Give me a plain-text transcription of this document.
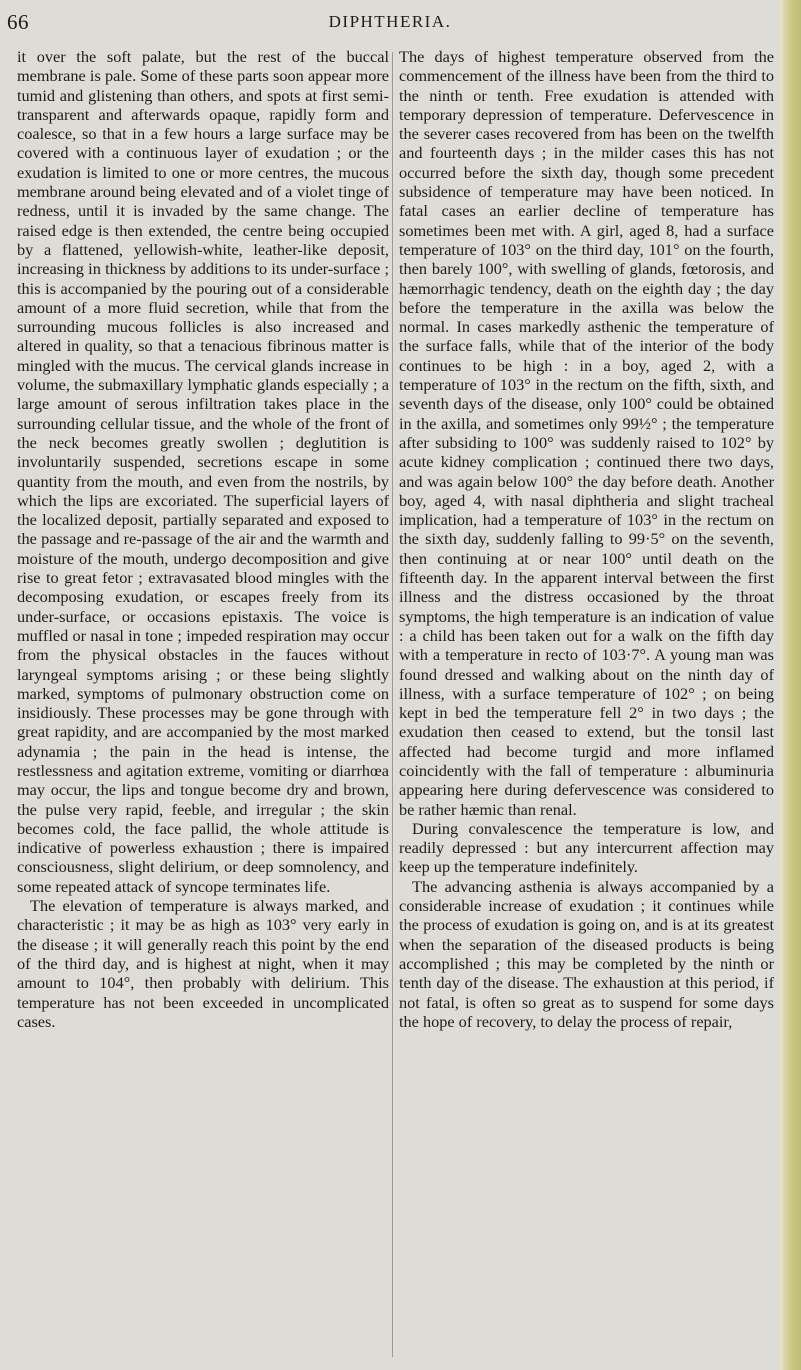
66	DIPHTHERIA.

it over the soft palate, but the rest of the buccal membrane is pale. Some of these parts soon appear more tumid and glistening than others, and spots at first semi-transparent and afterwards opaque, rapidly form and coalesce, so that in a few hours a large surface may be covered with a continuous layer of exudation ; or the exudation is limited to one or more centres, the mucous membrane around being elevated and of a violet tinge of redness, until it is invaded by the same change. The raised edge is then extended, the centre being occupied by a flattened, yellowish-white, leather-like deposit, increasing in thickness by additions to its under-surface ; this is accompanied by the pouring out of a considerable amount of a more fluid secretion, while that from the surrounding mucous follicles is also increased and altered in quality, so that a tenacious fibrinous matter is mingled with the mucus. The cervical glands increase in volume, the submaxillary lymphatic glands especially ; a large amount of serous infiltration takes place in the surrounding cellular tissue, and the whole of the front of the neck becomes greatly swollen ; deglutition is involuntarily suspended, secretions escape in some quantity from the mouth, and even from the nostrils, by which the lips are excoriated. The superficial layers of the localized deposit, partially separated and exposed to the passage and re-passage of the air and the warmth and moisture of the mouth, undergo decomposition and give rise to great fetor ; extravasated blood mingles with the decomposing exudation, or escapes freely from its under-surface, or occasions epistaxis. The voice is muffled or nasal in tone ; impeded respiration may occur from the physical obstacles in the fauces without laryngeal symptoms arising ; or these being slightly marked, symptoms of pulmonary obstruction come on insidiously. These processes may be gone through with great rapidity, and are accompanied by the most marked adynamia ; the pain in the head is intense, the restlessness and agitation extreme, vomiting or diarrhœa may occur, the lips and tongue become dry and brown, the pulse very rapid, feeble, and irregular ; the skin becomes cold, the face pallid, the whole attitude is indicative of powerless exhaustion ; there is impaired consciousness, slight delirium, or deep somnolency, and some repeated attack of syncope terminates life.

The elevation of temperature is always marked, and characteristic ; it may be as high as 103° very early in the disease ; it will generally reach this point by the end of the third day, and is highest at night, when it may amount to 104°, then probably with delirium. This temperature has not been exceeded in uncomplicated cases.

The days of highest temperature observed from the commencement of the illness have been from the third to the ninth or tenth. Free exudation is attended with temporary depression of temperature. Defervescence in the severer cases recovered from has been on the twelfth and fourteenth days ; in the milder cases this has not occurred before the sixth day, though some precedent subsidence of temperature may have been noticed. In fatal cases an earlier decline of temperature has sometimes been met with. A girl, aged 8, had a surface temperature of 103° on the third day, 101° on the fourth, then barely 100°, with swelling of glands, fœtorosis, and hæmorrhagic tendency, death on the eighth day ; the day before the temperature in the axilla was below the normal. In cases markedly asthenic the temperature of the surface falls, while that of the interior of the body continues to be high : in a boy, aged 2, with a temperature of 103° in the rectum on the fifth, sixth, and seventh days of the disease, only 100° could be obtained in the axilla, and sometimes only 99½° ; the temperature after subsiding to 100° was suddenly raised to 102° by acute kidney complication ; continued there two days, and was again below 100° the day before death. Another boy, aged 4, with nasal diphtheria and slight tracheal implication, had a temperature of 103° in the rectum on the sixth day, suddenly falling to 99·5° on the seventh, then continuing at or near 100° until death on the fifteenth day. In the apparent interval between the first illness and the distress occasioned by the throat symptoms, the high temperature is an indication of value : a child has been taken out for a walk on the fifth day with a temperature in recto of 103·7°. A young man was found dressed and walking about on the ninth day of illness, with a surface temperature of 102° ; on being kept in bed the temperature fell 2° in two days ; the exudation then ceased to extend, but the tonsil last affected had become turgid and more inflamed coincidently with the fall of temperature : albuminuria appearing here during defervescence was considered to be rather hæmic than renal.

During convalescence the temperature is low, and readily depressed : but any intercurrent affection may keep up the temperature indefinitely.

The advancing asthenia is always accompanied by a considerable increase of exudation ; it continues while the process of exudation is going on, and is at its greatest when the separation of the diseased products is being accomplished ; this may be completed by the ninth or tenth day of the disease. The exhaustion at this period, if not fatal, is often so great as to suspend for some days the hope of recovery, to delay the process of repair,
